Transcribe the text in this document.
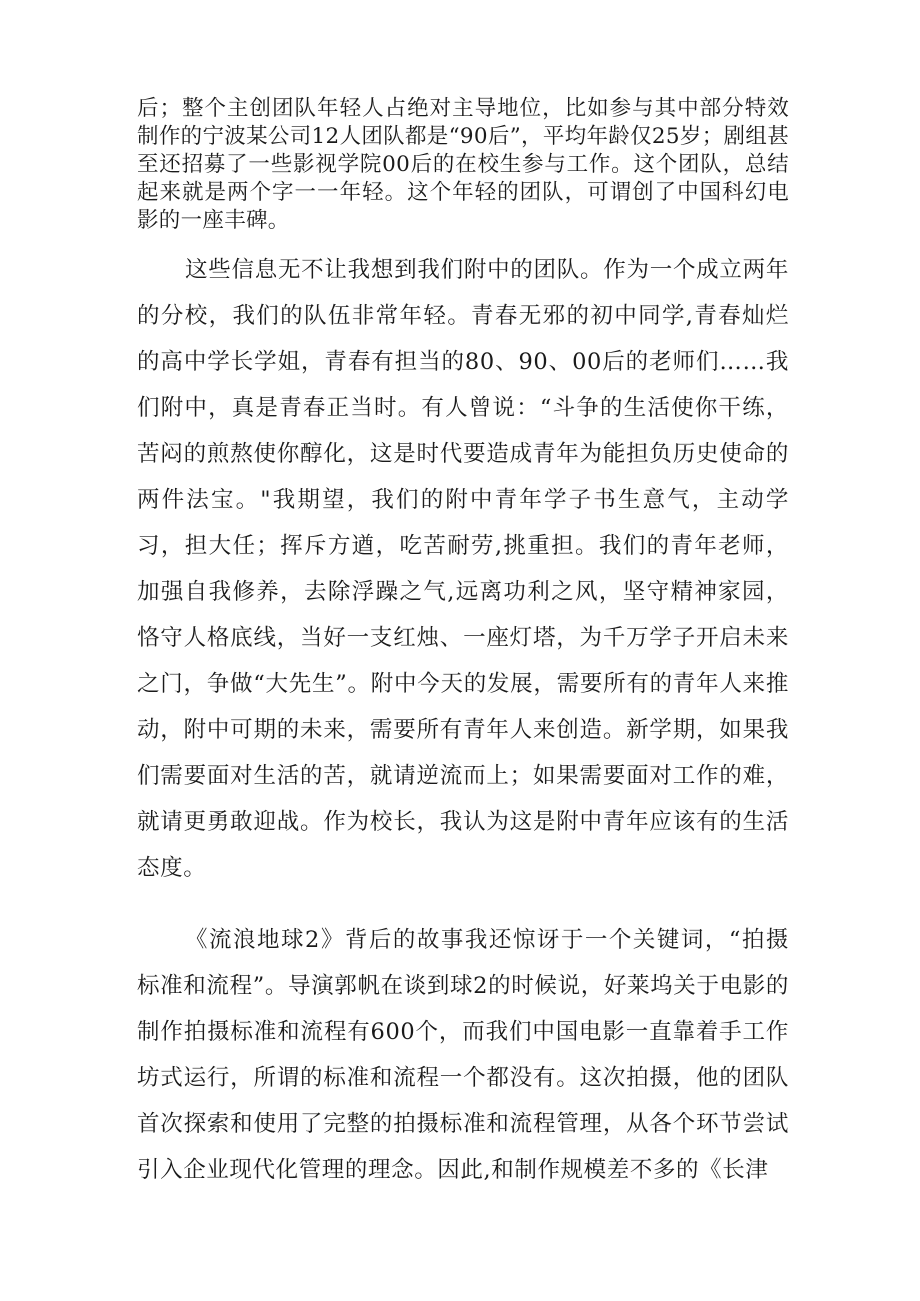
后；整个主创团队年轻人占绝对主导地位，比如参与其中部分特效制作的宁波某公司12人团队都是“90后”，平均年龄仅25岁；剧组甚至还招募了一些影视学院00后的在校生参与工作。这个团队，总结起来就是两个字一一年轻。这个年轻的团队，可谓创了中国科幻电影的一座丰碑。

这些信息无不让我想到我们附中的团队。作为一个成立两年的分校，我们的队伍非常年轻。青春无邪的初中同学,青春灿烂的高中学长学姐，青春有担当的80、90、00后的老师们……我们附中，真是青春正当时。有人曾说：“斗争的生活使你干练，苦闷的煎熬使你醇化，这是时代要造成青年为能担负历史使命的两件法宝。"我期望，我们的附中青年学子书生意气，主动学习，担大任；挥斥方遒，吃苦耐劳,挑重担。我们的青年老师，加强自我修养，去除浮躁之气,远离功利之风，坚守精神家园，恪守人格底线，当好一支红烛、一座灯塔，为千万学子开启未来之门，争做“大先生”。附中今天的发展，需要所有的青年人来推动，附中可期的未来，需要所有青年人来创造。新学期，如果我们需要面对生活的苦，就请逆流而上；如果需要面对工作的难，就请更勇敢迎战。作为校长，我认为这是附中青年应该有的生活态度。

《流浪地球2》背后的故事我还惊讶于一个关键词，“拍摄标准和流程”。导演郭帆在谈到球2的时候说，好莱坞关于电影的制作拍摄标准和流程有600个，而我们中国电影一直靠着手工作坊式运行，所谓的标准和流程一个都没有。这次拍摄，他的团队首次探索和使用了完整的拍摄标准和流程管理，从各个环节尝试引入企业现代化管理的理念。因此,和制作规模差不多的《长津
